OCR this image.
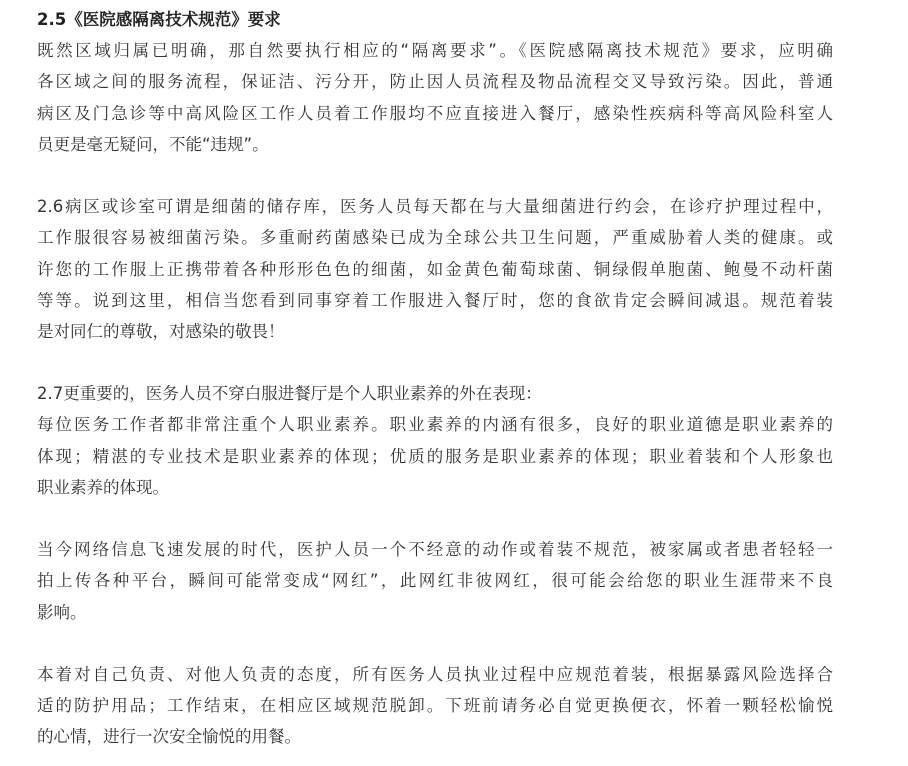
2.5《医院感隔离技术规范》要求
既然区域归属已明确，那自然要执行相应的“隔离要求”。《医院感隔离技术规范》要求，应明确
各区域之间的服务流程，保证洁、污分开，防止因人员流程及物品流程交叉导致污染。因此，普通
病区及门急诊等中高风险区工作人员着工作服均不应直接进入餐厅，感染性疾病科等高风险科室人
员更是毫无疑问，不能“违规”。
2.6病区或诊室可谓是细菌的储存库，医务人员每天都在与大量细菌进行约会，在诊疗护理过程中，
工作服很容易被细菌污染。多重耐药菌感染已成为全球公共卫生问题，严重威胁着人类的健康。或
许您的工作服上正携带着各种形形色色的细菌，如金黄色葡萄球菌、铜绿假单胞菌、鲍曼不动杆菌
等等。说到这里，相信当您看到同事穿着工作服进入餐厅时，您的食欲肯定会瞬间减退。规范着装
是对同仁的尊敬，对感染的敬畏！
2.7更重要的，医务人员不穿白服进餐厅是个人职业素养的外在表现：
每位医务工作者都非常注重个人职业素养。职业素养的内涵有很多，良好的职业道德是职业素养的
体现；精湛的专业技术是职业素养的体现；优质的服务是职业素养的体现；职业着装和个人形象也
职业素养的体现。
当今网络信息飞速发展的时代，医护人员一个不经意的动作或着装不规范，被家属或者患者轻轻一
拍上传各种平台，瞬间可能常变成“网红”，此网红非彼网红，很可能会给您的职业生涯带来不良
影响。
本着对自己负责、对他人负责的态度，所有医务人员执业过程中应规范着装，根据暴露风险选择合
适的防护用品；工作结束，在相应区域规范脱卸。下班前请务必自觉更换便衣，怀着一颗轻松愉悦
的心情，进行一次安全愉悦的用餐。
